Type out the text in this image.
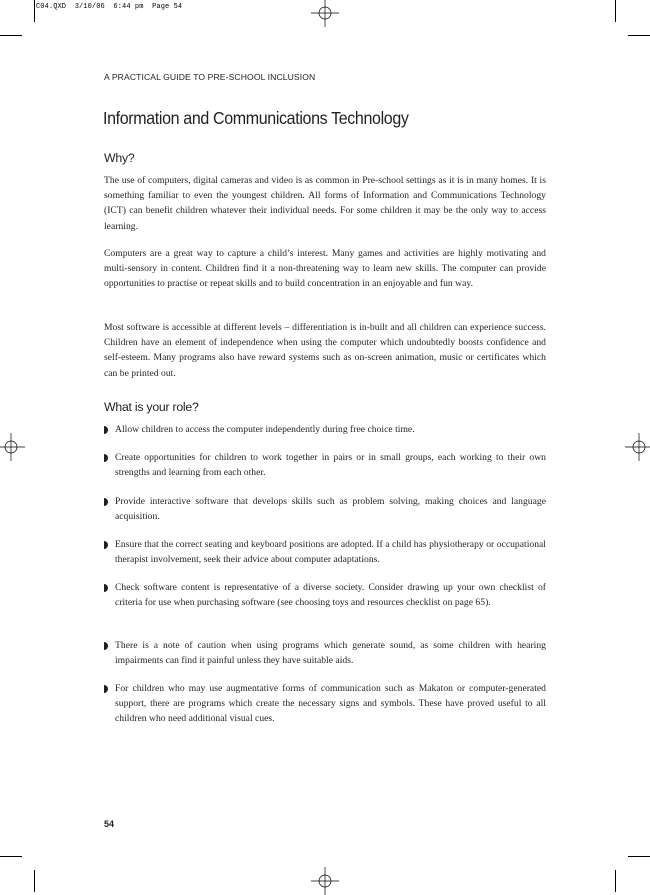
C04.QXD  3/10/06  6:44 pm  Page 54
A PRACTICAL GUIDE TO PRE-SCHOOL INCLUSION
Information and Communications Technology
Why?

The use of computers, digital cameras and video is as common in Pre-school settings as it is in many homes. It is something familiar to even the youngest children. All forms of Information and Communications Technology (ICT) can benefit children whatever their individual needs. For some children it may be the only way to access learning.

Computers are a great way to capture a child’s interest. Many games and activities are highly motivating and multi-sensory in content. Children find it a non-threatening way to learn new skills. The computer can provide opportunities to practise or repeat skills and to build concentration in an enjoyable and fun way.

Most software is accessible at different levels – differentiation is in-built and all children can experience success. Children have an element of independence when using the computer which undoubtedly boosts confidence and self-esteem. Many programs also have reward systems such as on-screen animation, music or certificates which can be printed out.

What is your role?

Allow children to access the computer independently during free choice time.

Create opportunities for children to work together in pairs or in small groups, each working to their own strengths and learning from each other.

Provide interactive software that develops skills such as problem solving, making choices and language acquisition.

Ensure that the correct seating and keyboard positions are adopted. If a child has physiotherapy or occupational therapist involvement, seek their advice about computer adaptations.

Check software content is representative of a diverse society. Consider drawing up your own checklist of criteria for use when purchasing software (see choosing toys and resources checklist on page 65).

There is a note of caution when using programs which generate sound, as some children with hearing impairments can find it painful unless they have suitable aids.

For children who may use augmentative forms of communication such as Makaton or computer-generated support, there are programs which create the necessary signs and symbols. These have proved useful to all children who need additional visual cues.

54
